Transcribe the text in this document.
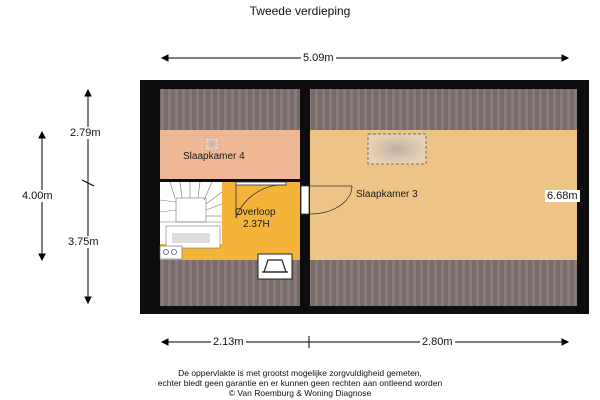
Tweede verdieping
5.09m
2.79m
4.00m
3.75m
6.68m
2.13m	2.80m
Slaapkamer 4
Slaapkamer 3
Overloop
2.37H
De oppervlakte is met grootst mogelijke zorgvuldigheid gemeten,
echter biedt geen garantie en er kunnen geen rechten aan ontleend worden
© Van Roemburg & Woning Diagnose
